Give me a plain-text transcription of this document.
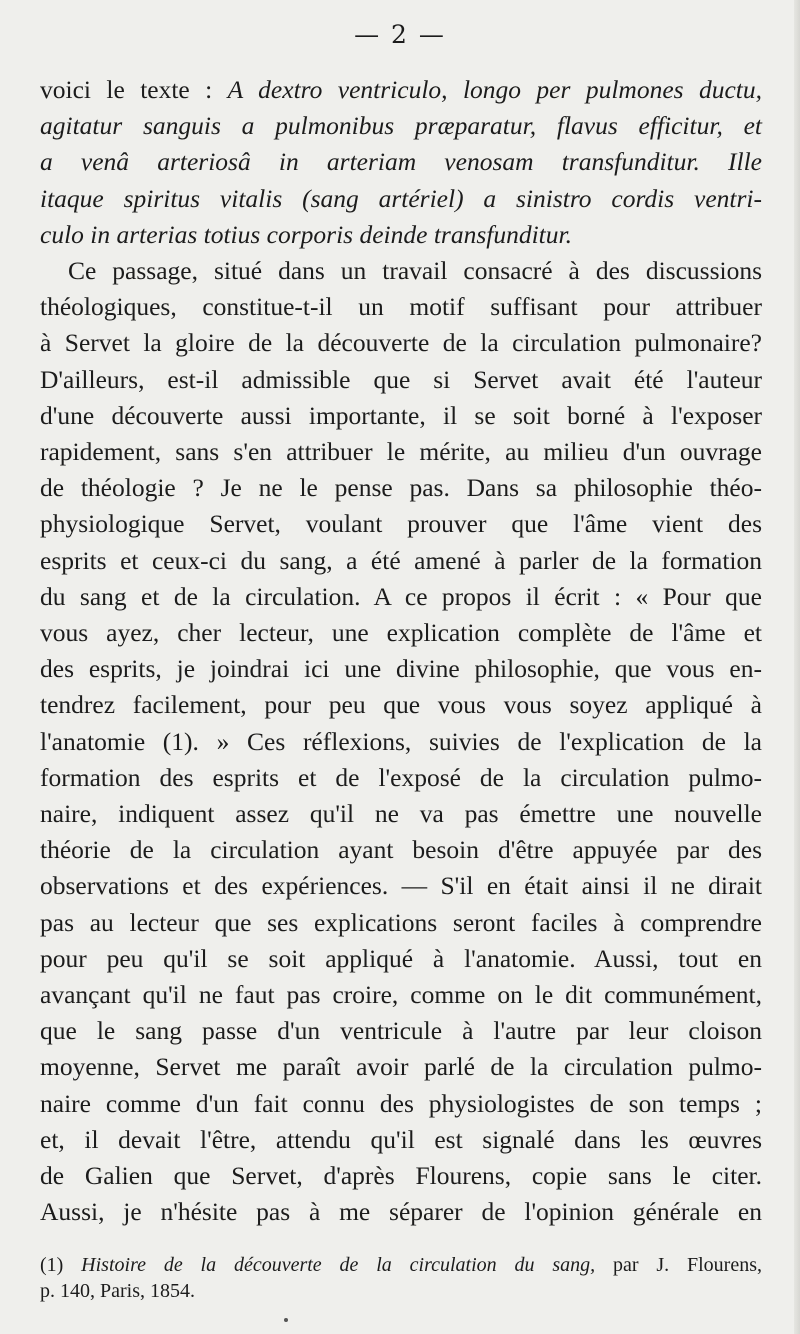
— 2 —
voici le texte : A dextro ventriculo, longo per pulmones ductu,
agitatur sanguis a pulmonibus præparatur, flavus efficitur, et
a venâ arteriosâ in arteriam venosam transfunditur. Ille
itaque spiritus vitalis (sang artériel) a sinistro cordis ventri-
culo in arterias totius corporis deinde transfunditur.
Ce passage, situé dans un travail consacré à des discussions
théologiques, constitue-t-il un motif suffisant pour attribuer
à Servet la gloire de la découverte de la circulation pulmonaire?
D'ailleurs, est-il admissible que si Servet avait été l'auteur
d'une découverte aussi importante, il se soit borné à l'exposer
rapidement, sans s'en attribuer le mérite, au milieu d'un ouvrage
de théologie ? Je ne le pense pas. Dans sa philosophie théo-
physiologique Servet, voulant prouver que l'âme vient des
esprits et ceux-ci du sang, a été amené à parler de la formation
du sang et de la circulation. A ce propos il écrit : « Pour que
vous ayez, cher lecteur, une explication complète de l'âme et
des esprits, je joindrai ici une divine philosophie, que vous en-
tendrez facilement, pour peu que vous vous soyez appliqué à
l'anatomie (1). » Ces réflexions, suivies de l'explication de la
formation des esprits et de l'exposé de la circulation pulmo-
naire, indiquent assez qu'il ne va pas émettre une nouvelle
théorie de la circulation ayant besoin d'être appuyée par des
observations et des expériences. — S'il en était ainsi il ne dirait
pas au lecteur que ses explications seront faciles à comprendre
pour peu qu'il se soit appliqué à l'anatomie. Aussi, tout en
avançant qu'il ne faut pas croire, comme on le dit communément,
que le sang passe d'un ventricule à l'autre par leur cloison
moyenne, Servet me paraît avoir parlé de la circulation pulmo-
naire comme d'un fait connu des physiologistes de son temps ;
et, il devait l'être, attendu qu'il est signalé dans les œuvres
de Galien que Servet, d'après Flourens, copie sans le citer.
Aussi, je n'hésite pas à me séparer de l'opinion générale en
(1) Histoire de la découverte de la circulation du sang, par J. Flourens,
p. 140, Paris, 1854.
